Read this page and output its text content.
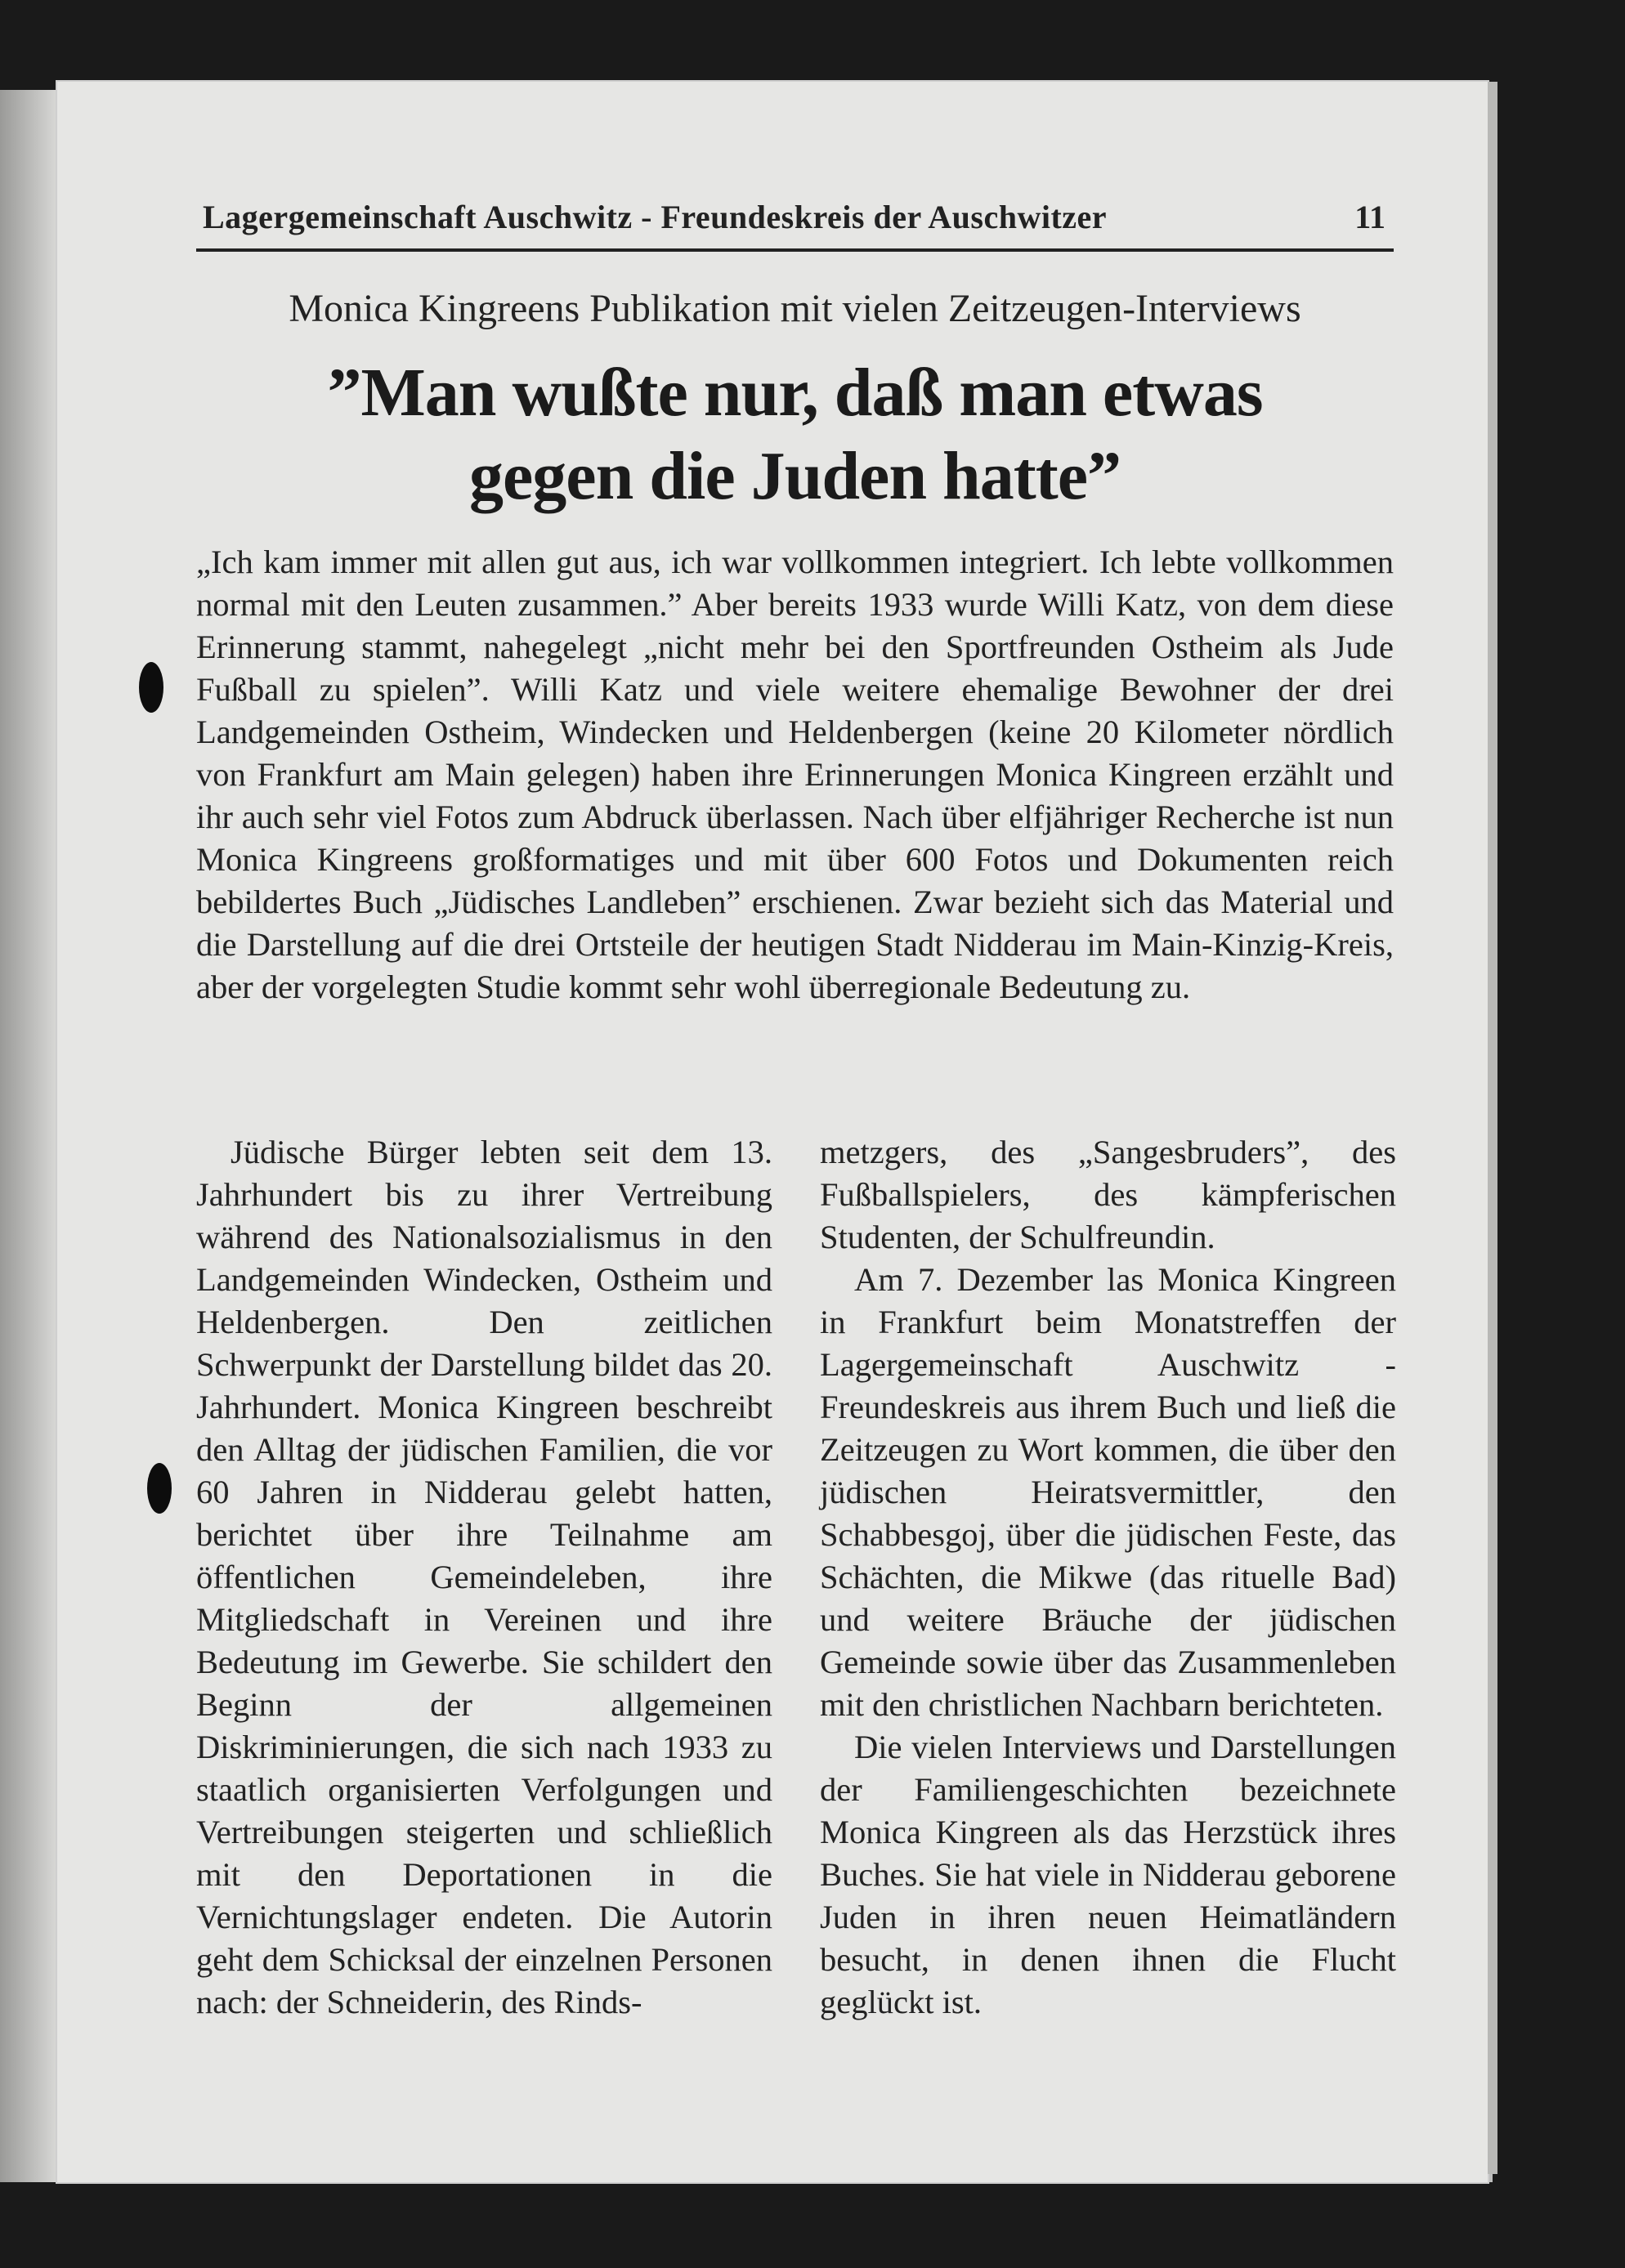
Lagergemeinschaft Auschwitz - Freundeskreis der Auschwitzer	11
Monica Kingreens Publikation mit vielen Zeitzeugen-Interviews
”Man wußte nur, daß man etwas
gegen die Juden hatte”
„Ich kam immer mit allen gut aus, ich war vollkommen integriert. Ich lebte vollkommen normal mit den Leuten zusammen.” Aber bereits 1933 wurde Willi Katz, von dem diese Erinnerung stammt, nahegelegt „nicht mehr bei den Sportfreunden Ostheim als Jude Fußball zu spielen”. Willi Katz und viele weitere ehemalige Bewohner der drei Landgemeinden Ostheim, Windecken und Heldenbergen (keine 20 Kilometer nördlich von Frankfurt am Main gelegen) haben ihre Erinnerungen Monica Kingreen erzählt und ihr auch sehr viel Fotos zum Abdruck überlassen. Nach über elfjähriger Recherche ist nun Monica Kingreens großformatiges und mit über 600 Fotos und Dokumenten reich bebildertes Buch „Jüdisches Landleben” erschienen. Zwar bezieht sich das Material und die Darstellung auf die drei Ortsteile der heutigen Stadt Nidderau im Main-Kinzig-Kreis, aber der vorgelegten Studie kommt sehr wohl überregionale Bedeutung zu.

Jüdische Bürger lebten seit dem 13. Jahrhundert bis zu ihrer Vertreibung während des Nationalsozialismus in den Landgemeinden Windecken, Ostheim und Heldenbergen. Den zeitlichen Schwerpunkt der Darstellung bildet das 20. Jahrhundert. Monica Kingreen beschreibt den Alltag der jüdischen Familien, die vor 60 Jahren in Nidderau gelebt hatten, berichtet über ihre Teilnahme am öffentlichen Gemeindeleben, ihre Mitgliedschaft in Vereinen und ihre Bedeutung im Gewerbe. Sie schildert den Beginn der allgemeinen Diskriminierungen, die sich nach 1933 zu staatlich organisierten Verfolgungen und Vertreibungen steigerten und schließlich mit den Deportationen in die Vernichtungslager endeten. Die Autorin geht dem Schicksal der einzelnen Personen nach: der Schneiderin, des Rinds-

metzgers, des „Sangesbruders”, des Fußballspielers, des kämpferischen Studenten, der Schulfreundin.

Am 7. Dezember las Monica Kingreen in Frankfurt beim Monatstreffen der Lagergemeinschaft Auschwitz - Freundeskreis aus ihrem Buch und ließ die Zeitzeugen zu Wort kommen, die über den jüdischen Heiratsvermittler, den Schabbesgoj, über die jüdischen Feste, das Schächten, die Mikwe (das rituelle Bad) und weitere Bräuche der jüdischen Gemeinde sowie über das Zusammenleben mit den christlichen Nachbarn berichteten.

Die vielen Interviews und Darstellungen der Familiengeschichten bezeichnete Monica Kingreen als das Herzstück ihres Buches. Sie hat viele in Nidderau geborene Juden in ihren neuen Heimatländern besucht, in denen ihnen die Flucht geglückt ist.
